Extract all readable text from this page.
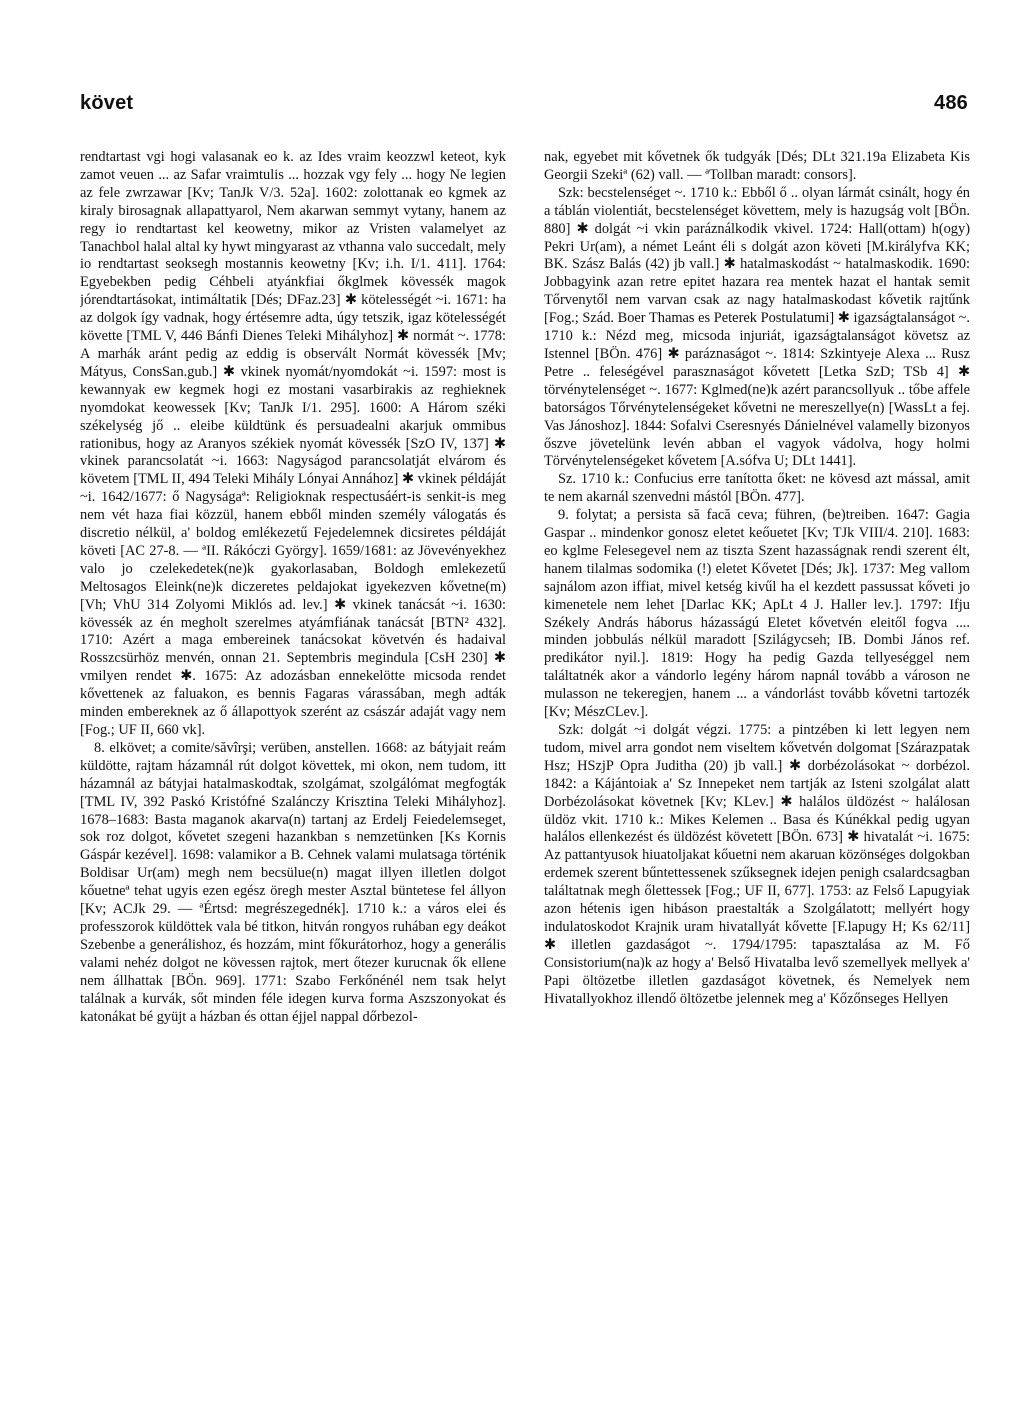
követ	486

rendtartast vgi hogi valasanak eo k. az Ides vraim keozzwl keteot, kyk zamot veuen ... az Safar vraimtulis ... hozzak vgy fely ... hogy Ne legien az fele zwrzawar [Kv; TanJk V/3. 52a]. 1602: zolottanak eo kgmek az kiraly birosagnak allapattyarol, Nem akarwan semmyt vytany, hanem az regy io rendtartast kel keowetny, mikor az Vristen valamelyet az Tanachbol halal altal ky hywt mingyarast az vthanna valo succedalt, mely io rendtartast seoksegh mostannis keowetny [Kv; i.h. I/1. 411]. 1764: Egyebekben pedig Céhbeli atyánkfiai őkglmek kövessék magok jórendtartásokat, intimáltatik [Dés; DFaz.23] ✱ kötelességét ~i. 1671: ha az dolgok így vadnak, hogy értésemre adta, úgy tetszik, igaz kötelességét követte [TML V, 446 Bánfi Dienes Teleki Mihályhoz] ✱ normát ~. 1778: A marhák aránt pedig az eddig is observált Normát kövessék [Mv; Mátyus, ConsSan.gub.] ✱ vkinek nyomát/nyomdokát ~i. 1597: most is kewannyak ew kegmek hogi ez mostani vasarbirakis az reghieknek nyomdokat keowessek [Kv; TanJk I/1. 295]. 1600: A Három széki székelység jő .. eleibe küldtünk és persuadealni akarjuk ommibus rationibus, hogy az Aranyos székiek nyomát kövessék [SzO IV, 137] ✱ vkinek parancsolatát ~i. 1663: Nagyságod parancsolatját elvárom és követem [TML II, 494 Teleki Mihály Lónyai Annához] ✱ vkinek példáját ~i. 1642/1677: ő Nagyságaª: Religioknak respectusáért-is senkit-is meg nem vét haza fiai közzül, hanem ebből minden személy válogatás és discretio nélkül, a' boldog emlékezetű Fejedelemnek dicsiretes példáját követi [AC 27-8. — ªII. Rákóczi György]. 1659/1681: az Jövevényekhez valo jo czelekedetek(ne)k gyakorlasaban, Boldogh emlekezetű Meltosagos Eleink(ne)k diczeretes peldajokat igyekezven kővetne(m) [Vh; VhU 314 Zolyomi Miklós ad. lev.] ✱ vkinek tanácsát ~i. 1630: kövessék az én megholt szerelmes atyámfiának tanácsát [BTN² 432]. 1710: Azért a maga embereinek tanácsokat követvén és hadaival Rosszcsürhöz menvén, onnan 21. Septembris megindula [CsH 230] ✱ vmilyen rendet ✱. 1675: Az adozásban ennekelötte micsoda rendet kővettenek az faluakon, es bennis Fagaras várassában, megh adták minden embereknek az ő állapottyok szerént az császár adaját vagy nem [Fog.; UF II, 660 vk].

8. elkövet; a comite/săvîrşi; verüben, anstellen. 1668: az bátyjait reám küldötte, rajtam házamnál rút dolgot követtek, mi okon, nem tudom, itt házamnál az bátyjai hatalmaskodtak, szolgámat, szolgálómat megfogták [TML IV, 392 Paskó Kristófné Szalánczy Krisztina Teleki Mihályhoz]. 1678–1683: Basta maganok akarva(n) tartanj az Erdelj Feiedelemseget, sok roz dolgot, kővetet szegeni hazankban s nemzetünken [Ks Kornis Gáspár kezével]. 1698: valamikor a B. Cehnek valami mulatsaga történik Boldisar Ur(am) megh nem becsülue(n) magat illyen illetlen dolgot kőuetneª tehat ugyis ezen egész öregh mester Asztal büntetese fel állyon [Kv; ACJk 29. — ªÉrtsd: megrészegednék]. 1710 k.: a város elei és professzorok küldöttek vala bé titkon, hitván rongyos ruhában egy deákot Szebenbe a generálishoz, és hozzám, mint főkurátorhoz, hogy a generális valami nehéz dolgot ne kövessen rajtok, mert őtezer kurucnak ők ellene nem állhattak [BÖn. 969]. 1771: Szabo Ferkőnénél nem tsak helyt találnak a kurvák, sőt minden féle idegen kurva forma Aszszonyokat és katonákat bé gyüjt a házban és ottan éjjel nappal dőrbezol-

nak, egyebet mit kővetnek ők tudgyák [Dés; DLt 321.19a Elizabeta Kis Georgii Szekiª (62) vall. — ªTollban maradt: consors].

Szk: becstelenséget ~. 1710 k.: Ebből ő .. olyan lármát csinált, hogy én a táblán violentiát, becstelenséget követtem, mely is hazugság volt [BÖn. 880] ✱ dolgát ~i vkin paráználkodik vkivel. 1724: Hall(ottam) h(ogy) Pekri Ur(am), a német Leánt éli s dolgát azon követi [M.királyfva KK; BK. Szász Balás (42) jb vall.] ✱ hatalmaskodást ~ hatalmaskodik. 1690: Jobbagyink azan retre epitet hazara rea mentek hazat el hantak semit Tőrvenytől nem varvan csak az nagy hatalmaskodast kővetik rajtűnk [Fog.; Szád. Boer Thamas es Peterek Postulatumi] ✱ igazságtalanságot ~. 1710 k.: Nézd meg, micsoda injuriát, igazságtalanságot követsz az Istennel [BÖn. 476] ✱ paráznaságot ~. 1814: Szkintyeje Alexa ... Rusz Petre .. feleségével parasznaságot kővetett [Letka SzD; TSb 4] ✱ törvénytelenséget ~. 1677: Kglmed(ne)k azért parancsollyuk .. tőbe affele batorságos Tőrvénytelenségeket kővetni ne mereszellye(n) [WassLt a fej. Vas Jánoshoz]. 1844: Sofalvi Cseresnyés Dánielnével valamelly bizonyos őszve jövetelünk levén abban el vagyok vádolva, hogy holmi Törvénytelenségeket kővetem [A.sófva U; DLt 1441].

Sz. 1710 k.: Confucius erre tanította őket: ne kövesd azt mással, amit te nem akarnál szenvedni mástól [BÖn. 477].

9. folytat; a persista să facă ceva; führen, (be)treiben. 1647: Gagia Gaspar .. mindenkor gonosz eletet keőuetet [Kv; TJk VIII/4. 210]. 1683: eo kglme Felesegevel nem az tiszta Szent hazasságnak rendi szerent élt, hanem tilalmas sodomika (!) eletet Kővetet [Dés; Jk]. 1737: Meg vallom sajnálom azon iffiat, mivel ketség kivűl ha el kezdett passussat kőveti jo kimenetele nem lehet [Darlac KK; ApLt 4 J. Haller lev.]. 1797: Ifju Székely András háborus házasságú Eletet kővetvén eleitől fogva .... minden jobbulás nélkül maradott [Szilágycseh; IB. Dombi János ref. predikátor nyil.]. 1819: Hogy ha pedig Gazda tellyeséggel nem találtatnék akor a vándorlo legény három napnál tovább a városon ne mulasson ne tekeregjen, hanem ... a vándorlást tovább kővetni tartozék [Kv; MészCLev.].

Szk: dolgát ~i dolgát végzi. 1775: a pintzében ki lett legyen nem tudom, mivel arra gondot nem viseltem kővetvén dolgomat [Szárazpatak Hsz; HSzjP Opra Juditha (20) jb vall.] ✱ dorbézolásokat ~ dorbézol. 1842: a Kájántoiak a' Sz Innepeket nem tartják az Isteni szolgálat alatt Dorbézolásokat követnek [Kv; KLev.] ✱ halálos üldözést ~ halálosan üldöz vkit. 1710 k.: Mikes Kelemen .. Basa és Kúnékkal pedig ugyan halálos ellenkezést és üldözést követett [BÖn. 673] ✱ hivatalát ~i. 1675: Az pattantyusok hiuatoljakat kőuetni nem akaruan közönséges dolgokban erdemek szerent bűntettessenek szűksegnek idejen penigh csalardcsagban találtatnak megh őlettessek [Fog.; UF II, 677]. 1753: az Felső Lapugyiak azon hétenis igen hibáson praestalták a Szolgálatott; mellyért hogy indulatoskodot Krajnik uram hivatallyát kővette [F.lapugy H; Ks 62/11] ✱ illetlen gazdaságot ~. 1794/1795: tapasztalása az M. Fő Consistorium(na)k az hogy a' Belső Hivatalba levő szemellyek mellyek a' Papi öltözetbe illetlen gazdaságot követnek, és Nemelyek nem Hivatallyokhoz illendő öltözetbe jelennek meg a' Kőzőnseges Hellyen
